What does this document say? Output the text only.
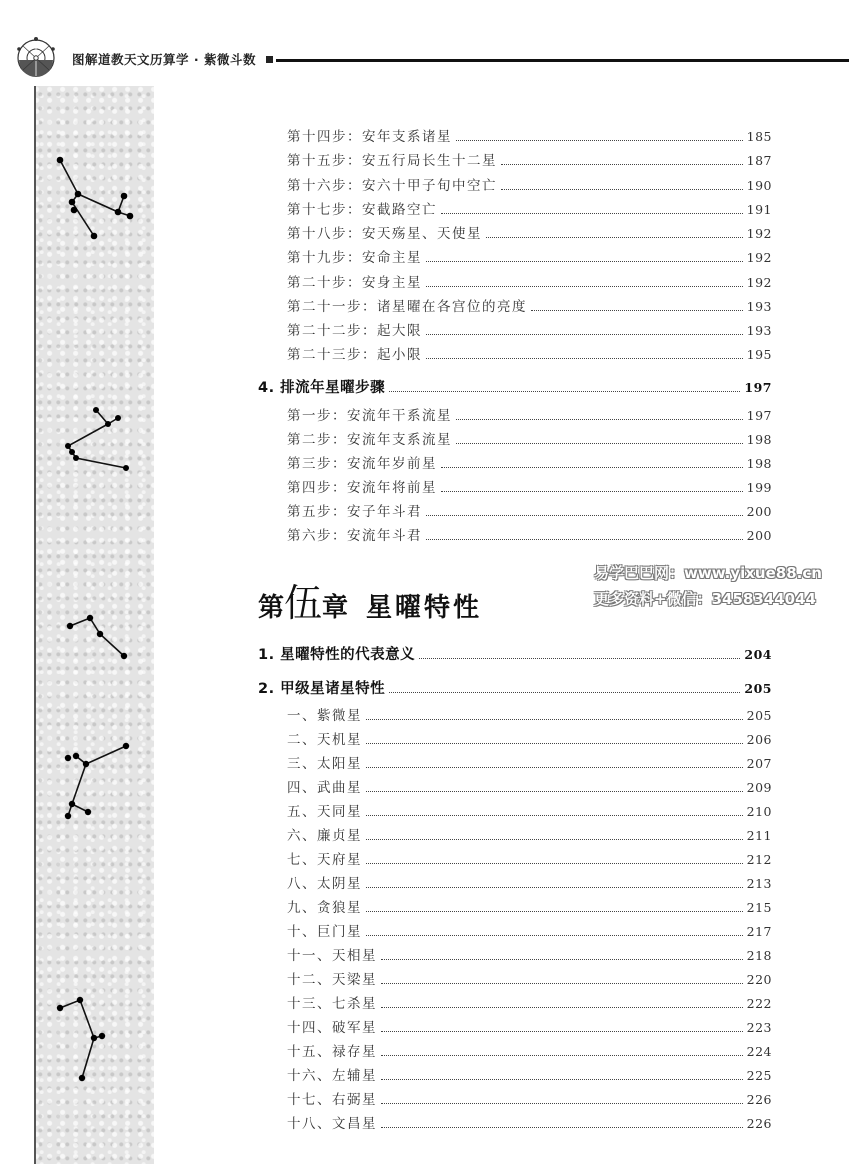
图解道教天文历算学 · 紫微斗数
第十四步：安年支系诸星	185
第十五步：安五行局长生十二星	187
第十六步：安六十甲子旬中空亡	190
第十七步：安截路空亡	191
第十八步：安天殇星、天使星	192
第十九步：安命主星	192
第二十步：安身主星	192
第二十一步：诸星曜在各宫位的亮度	193
第二十二步：起大限	193
第二十三步：起小限	195
4. 排流年星曜步骤	197
第一步：安流年干系流星	197
第二步：安流年支系流星	198
第三步：安流年岁前星	198
第四步：安流年将前星	199
第五步：安子年斗君	200
第六步：安流年斗君	200
第伍章 星曜特性
1. 星曜特性的代表意义	204
2. 甲级星诸星特性	205
一、紫微星	205
二、天机星	206
三、太阳星	207
四、武曲星	209
五、天同星	210
六、廉贞星	211
七、天府星	212
八、太阴星	213
九、贪狼星	215
十、巨门星	217
十一、天相星	218
十二、天梁星	220
十三、七杀星	222
十四、破军星	223
十五、禄存星	224
十六、左辅星	225
十七、右弼星	226
十八、文昌星	226
易学巴巴网：www.yixue88.cn
更多资料+微信：3458344044
